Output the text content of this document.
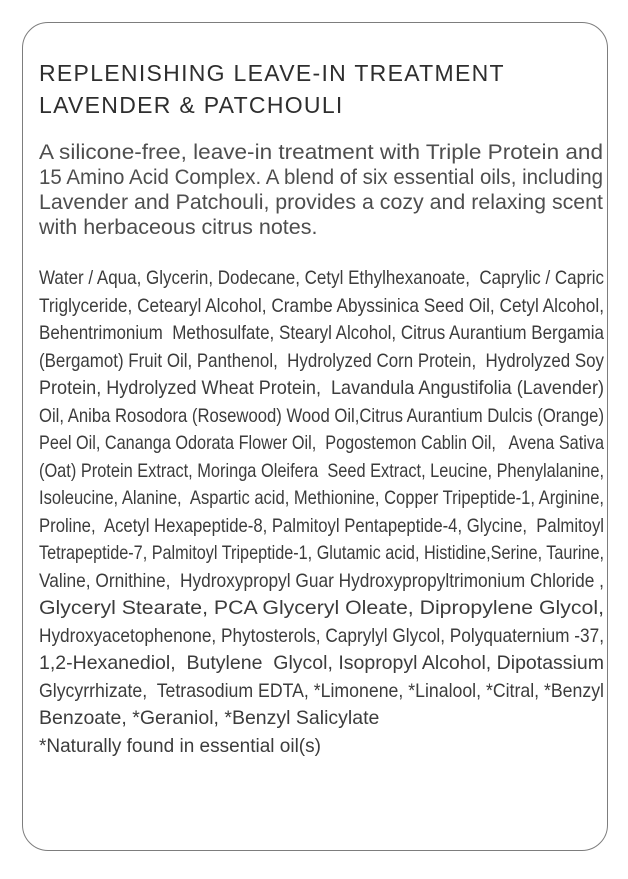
REPLENISHING LEAVE-IN TREATMENT
LAVENDER & PATCHOULI
A silicone-free, leave-in treatment with Triple Protein and
15 Amino Acid Complex. A blend of six essential oils, including
Lavender and Patchouli, provides a cozy and relaxing scent
with herbaceous citrus notes.
Water / Aqua, Glycerin, Dodecane, Cetyl Ethylhexanoate,  Caprylic / Capric
Triglyceride, Cetearyl Alcohol, Crambe Abyssinica Seed Oil, Cetyl Alcohol,
Behentrimonium  Methosulfate, Stearyl Alcohol, Citrus Aurantium Bergamia
(Bergamot) Fruit Oil, Panthenol,  Hydrolyzed Corn Protein,  Hydrolyzed Soy
Protein, Hydrolyzed Wheat Protein,  Lavandula Angustifolia (Lavender)
Oil, Aniba Rosodora (Rosewood) Wood Oil,Citrus Aurantium Dulcis (Orange)
Peel Oil, Cananga Odorata Flower Oil,  Pogostemon Cablin Oil,   Avena Sativa
(Oat) Protein Extract, Moringa Oleifera  Seed Extract, Leucine, Phenylalanine,
Isoleucine, Alanine,  Aspartic acid, Methionine, Copper Tripeptide-1, Arginine,
Proline,  Acetyl Hexapeptide-8, Palmitoyl Pentapeptide-4, Glycine,  Palmitoyl
Tetrapeptide-7, Palmitoyl Tripeptide-1, Glutamic acid, Histidine,Serine, Taurine,
Valine, Ornithine,  Hydroxypropyl Guar Hydroxypropyltrimonium Chloride ,
Glyceryl Stearate, PCA Glyceryl Oleate, Dipropylene Glycol,
Hydroxyacetophenone, Phytosterols, Caprylyl Glycol, Polyquaternium -37,
1,2-Hexanediol,  Butylene  Glycol, Isopropyl Alcohol, Dipotassium
Glycyrrhizate,  Tetrasodium EDTA, *Limonene, *Linalool, *Citral, *Benzyl
Benzoate, *Geraniol, *Benzyl Salicylate
*Naturally found in essential oil(s)
